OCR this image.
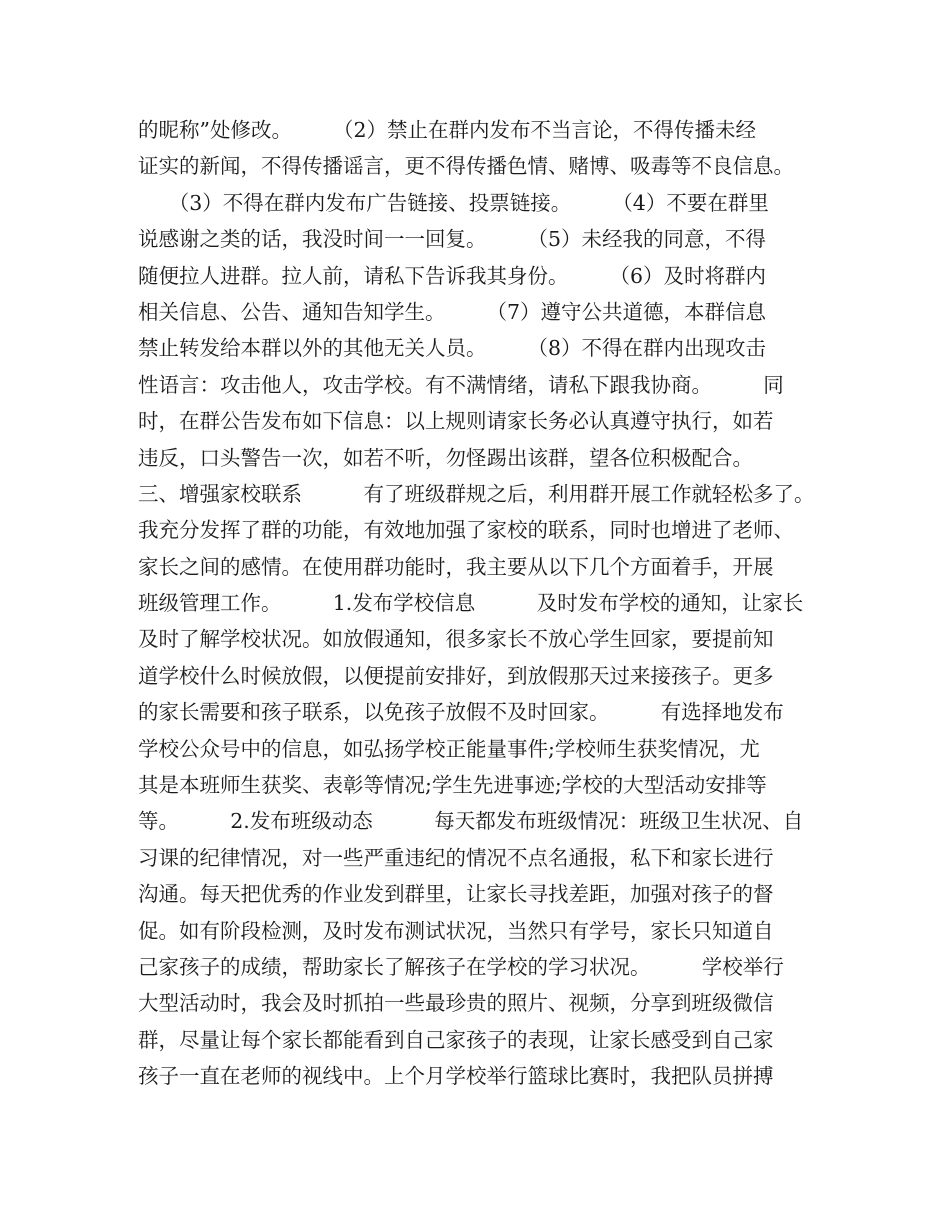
的昵称”处修改。　　　（2）禁止在群内发布不当言论，不得传播未经
证实的新闻，不得传播谣言，更不得传播色情、赌博、吸毒等不良信息。
　　（3）不得在群内发布广告链接、投票链接。　　　（4）不要在群里
说感谢之类的话，我没时间一一回复。　　　（5）未经我的同意，不得
随便拉人进群。拉人前，请私下告诉我其身份。　　　（6）及时将群内
相关信息、公告、通知告知学生。　　　（7）遵守公共道德，本群信息
禁止转发给本群以外的其他无关人员。　　　（8）不得在群内出现攻击
性语言：攻击他人，攻击学校。有不满情绪，请私下跟我协商。　　　同
时，在群公告发布如下信息：以上规则请家长务必认真遵守执行，如若
违反，口头警告一次，如若不听，勿怪踢出该群，望各位积极配合。
三、增强家校联系　　　有了班级群规之后，利用群开展工作就轻松多了。
我充分发挥了群的功能，有效地加强了家校的联系，同时也增进了老师、
家长之间的感情。在使用群功能时，我主要从以下几个方面着手，开展
班级管理工作。　　　1.发布学校信息　　　及时发布学校的通知，让家长
及时了解学校状况。如放假通知，很多家长不放心学生回家，要提前知
道学校什么时候放假，以便提前安排好，到放假那天过来接孩子。更多
的家长需要和孩子联系，以免孩子放假不及时回家。　　　有选择地发布
学校公众号中的信息，如弘扬学校正能量事件;学校师生获奖情况，尤
其是本班师生获奖、表彰等情况;学生先进事迹;学校的大型活动安排等
等。　　　2.发布班级动态　　　每天都发布班级情况：班级卫生状况、自
习课的纪律情况，对一些严重违纪的情况不点名通报，私下和家长进行
沟通。每天把优秀的作业发到群里，让家长寻找差距，加强对孩子的督
促。如有阶段检测，及时发布测试状况，当然只有学号，家长只知道自
己家孩子的成绩，帮助家长了解孩子在学校的学习状况。　　　学校举行
大型活动时，我会及时抓拍一些最珍贵的照片、视频，分享到班级微信
群，尽量让每个家长都能看到自己家孩子的表现，让家长感受到自己家
孩子一直在老师的视线中。上个月学校举行篮球比赛时，我把队员拼搏
